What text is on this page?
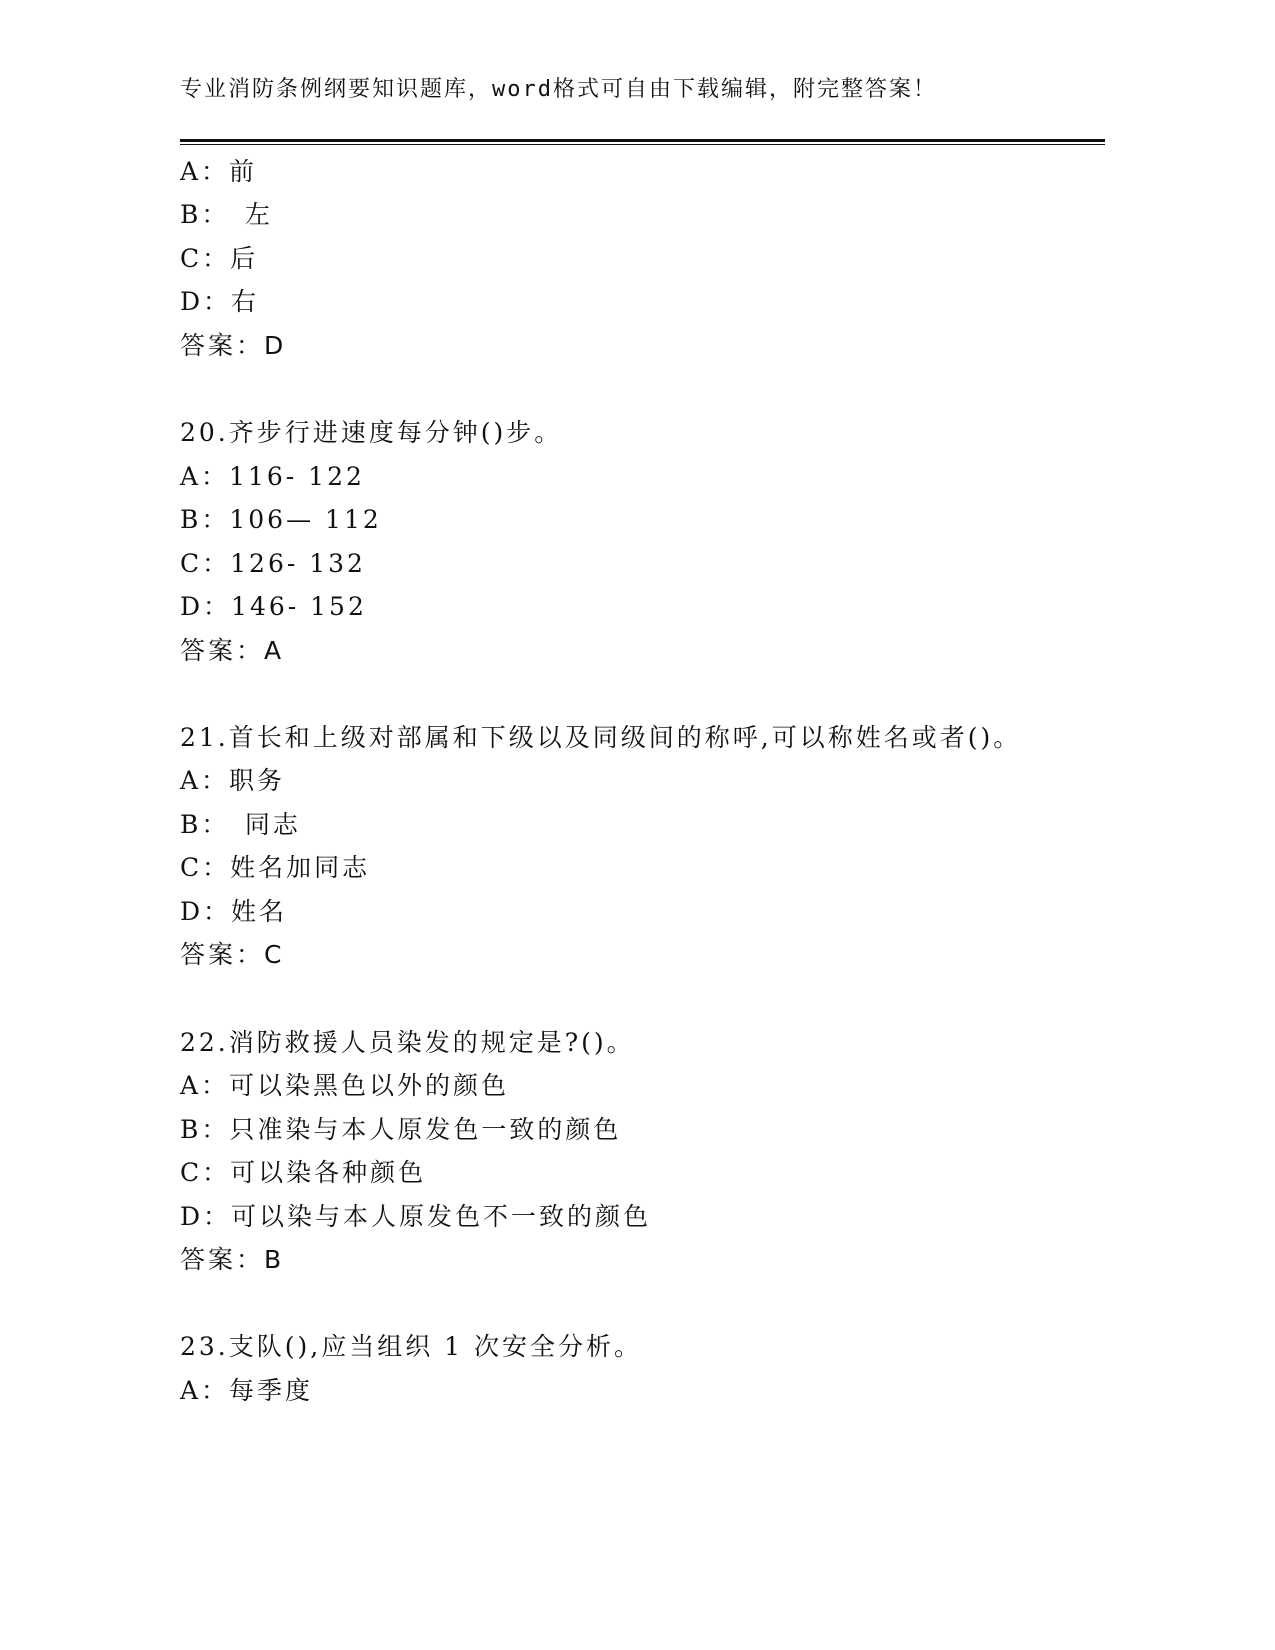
专业消防条例纲要知识题库，word格式可自由下载编辑，附完整答案！
A：前
B：　左
C：后
D：右
答案：D
20.齐步行进速度每分钟()步。
A：116- 122
B：106— 112
C：126- 132
D：146- 152
答案：A
21.首长和上级对部属和下级以及同级间的称呼,可以称姓名或者()。
A：职务
B：　同志
C：姓名加同志
D：姓名
答案：C
22.消防救援人员染发的规定是?()。
A：可以染黑色以外的颜色
B：只准染与本人原发色一致的颜色
C：可以染各种颜色
D：可以染与本人原发色不一致的颜色
答案：B
23.支队(),应当组织 1 次安全分析。
A：每季度
